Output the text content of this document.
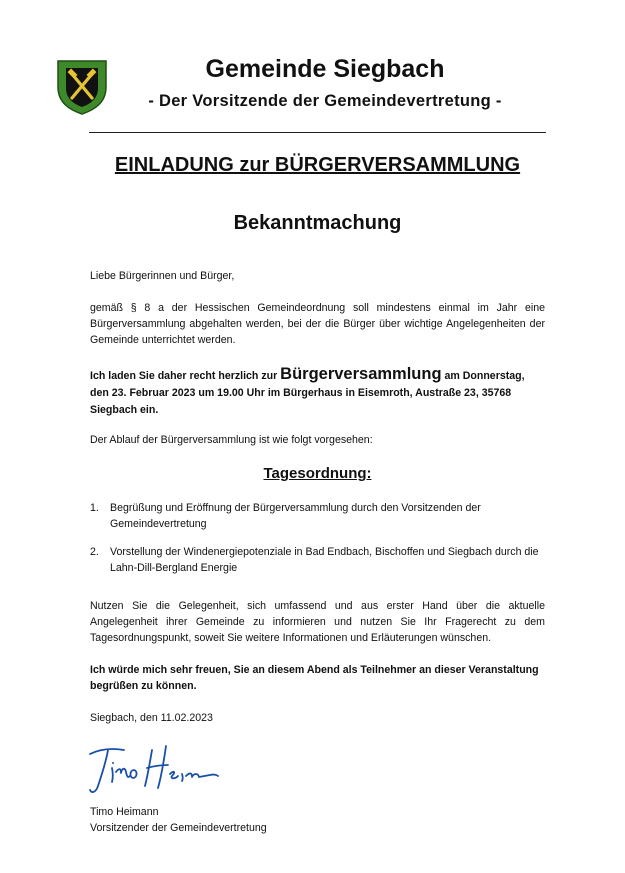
Gemeinde Siegbach
- Der Vorsitzende der Gemeindevertretung -
EINLADUNG zur BÜRGERVERSAMMLUNG
Bekanntmachung
Liebe Bürgerinnen und Bürger,
gemäß § 8 a der Hessischen Gemeindeordnung soll mindestens einmal im Jahr eine Bürgerversammlung abgehalten werden, bei der die Bürger über wichtige Angelegenheiten der Gemeinde unterrichtet werden.
Ich laden Sie daher recht herzlich zur Bürgerversammlung am Donnerstag, den 23. Februar 2023 um 19.00 Uhr im Bürgerhaus in Eisemroth, Austraße 23, 35768 Siegbach ein.
Der Ablauf der Bürgerversammlung ist wie folgt vorgesehen:
Tagesordnung:
1.	Begrüßung und Eröffnung der Bürgerversammlung durch den Vorsitzenden der Gemeindevertretung
2.	Vorstellung der Windenergiepotenziale in Bad Endbach, Bischoffen und Siegbach durch die Lahn-Dill-Bergland Energie
Nutzen Sie die Gelegenheit, sich umfassend und aus erster Hand über die aktuelle Angelegenheit ihrer Gemeinde zu informieren und nutzen Sie Ihr Fragerecht zu dem Tagesordnungspunkt, soweit Sie weitere Informationen und Erläuterungen wünschen.
Ich würde mich sehr freuen, Sie an diesem Abend als Teilnehmer an dieser Veranstaltung begrüßen zu können.
Siegbach, den 11.02.2023
Timo Heimann
Vorsitzender der Gemeindevertretung
